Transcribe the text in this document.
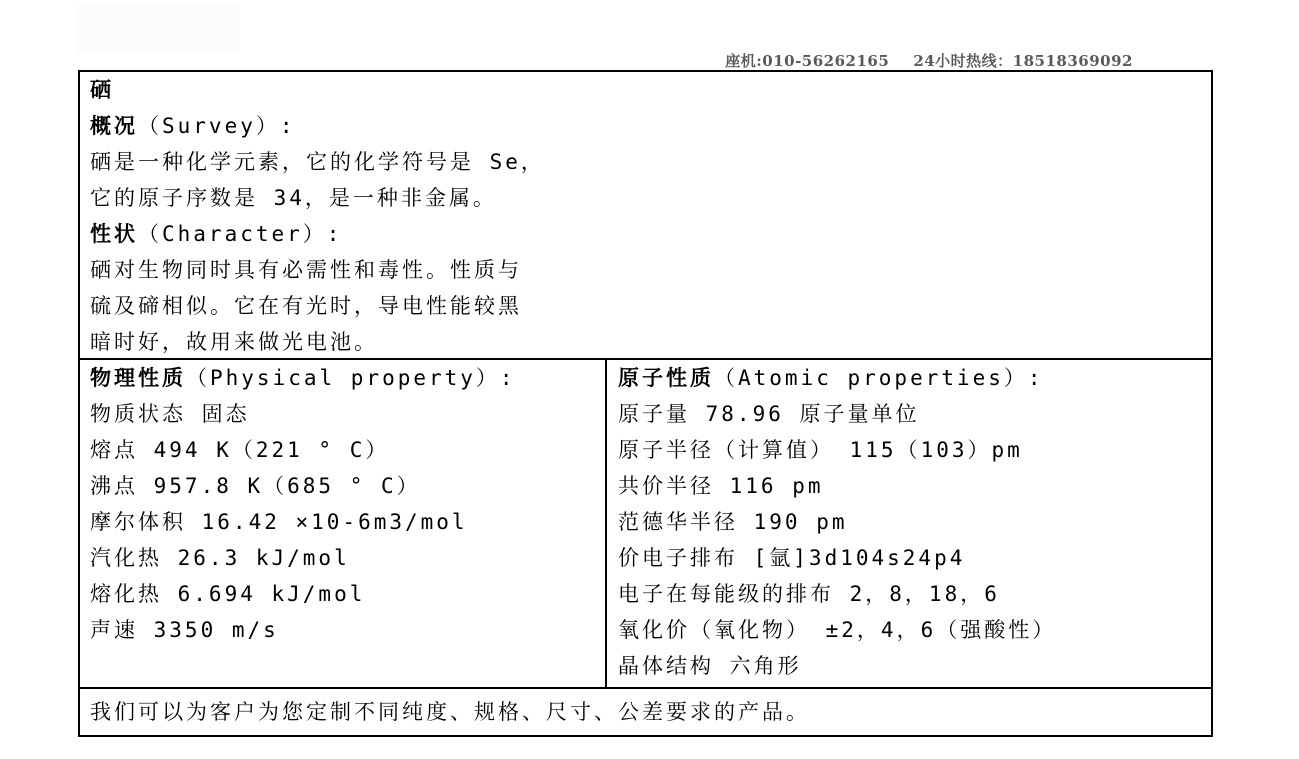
座机:010-56262165 24小时热线：18518369092

硒
概况（Survey）:
硒是一种化学元素，它的化学符号是 Se，
它的原子序数是 34，是一种非金属。
性状（Character）:
硒对生物同时具有必需性和毒性。性质与
硫及碲相似。它在有光时，导电性能较黑
暗时好，故用来做光电池。
物理性质（Physical property）:
物质状态 固态
熔点 494 K（221 ° C）
沸点 957.8 K（685 ° C）
摩尔体积 16.42 ×10-6m3/mol
汽化热 26.3 kJ/mol
熔化热 6.694 kJ/mol
声速 3350 m/s
原子性质（Atomic properties）:
原子量 78.96 原子量单位
原子半径（计算值） 115（103）pm
共价半径 116 pm
范德华半径 190 pm
价电子排布 [氩]3d104s24p4
电子在每能级的排布 2，8，18，6
氧化价（氧化物） ±2，4，6（强酸性）
晶体结构 六角形
我们可以为客户为您定制不同纯度、规格、尺寸、公差要求的产品。
